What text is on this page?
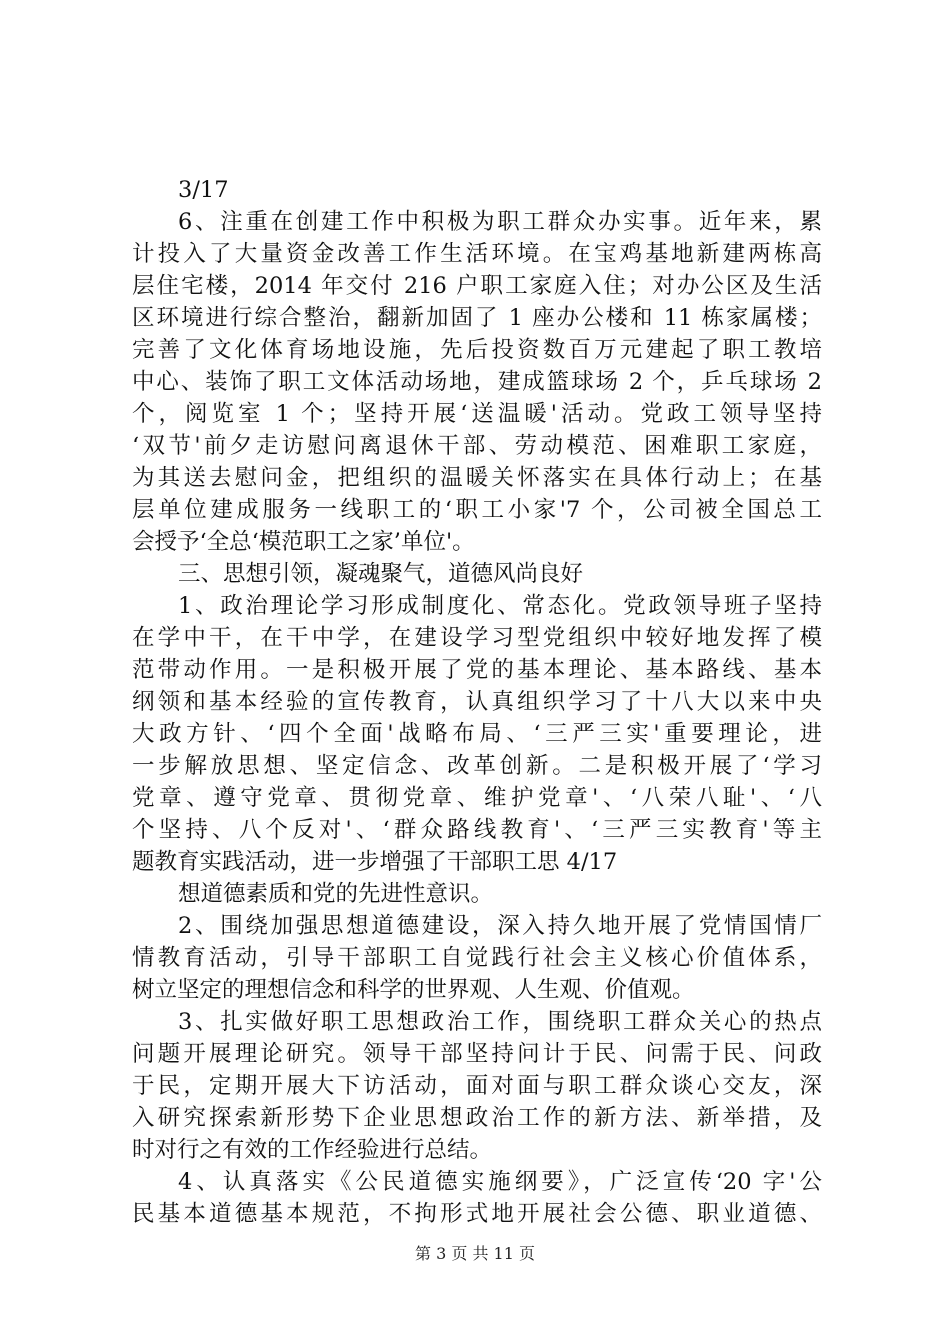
3/17
6、注重在创建工作中积极为职工群众办实事。近年来，累
计投入了大量资金改善工作生活环境。在宝鸡基地新建两栋高
层住宅楼，2014 年交付 216 户职工家庭入住；对办公区及生活
区环境进行综合整治，翻新加固了 1 座办公楼和 11 栋家属楼；
完善了文化体育场地设施，先后投资数百万元建起了职工教培
中心、装饰了职工文体活动场地，建成篮球场 2 个，乒乓球场 2
个，阅览室 1 个；坚持开展‘送温暖'活动。党政工领导坚持
‘双节'前夕走访慰问离退休干部、劳动模范、困难职工家庭，
为其送去慰问金，把组织的温暖关怀落实在具体行动上；在基
层单位建成服务一线职工的‘职工小家'7 个，公司被全国总工
会授予‘全总‘模范职工之家’单位'。
三、思想引领，凝魂聚气，道德风尚良好
1、政治理论学习形成制度化、常态化。党政领导班子坚持
在学中干，在干中学，在建设学习型党组织中较好地发挥了模
范带动作用。一是积极开展了党的基本理论、基本路线、基本
纲领和基本经验的宣传教育，认真组织学习了十八大以来中央
大政方针、‘四个全面'战略布局、‘三严三实'重要理论，进
一步解放思想、坚定信念、改革创新。二是积极开展了‘学习
党章、遵守党章、贯彻党章、维护党章'、‘八荣八耻'、‘八
个坚持、八个反对'、‘群众路线教育'、‘三严三实教育'等主
题教育实践活动，进一步增强了干部职工思 4/17
想道德素质和党的先进性意识。
2、围绕加强思想道德建设，深入持久地开展了党情国情厂
情教育活动，引导干部职工自觉践行社会主义核心价值体系，
树立坚定的理想信念和科学的世界观、人生观、价值观。
3、扎实做好职工思想政治工作，围绕职工群众关心的热点
问题开展理论研究。领导干部坚持问计于民、问需于民、问政
于民，定期开展大下访活动，面对面与职工群众谈心交友，深
入研究探索新形势下企业思想政治工作的新方法、新举措，及
时对行之有效的工作经验进行总结。
4、认真落实《公民道德实施纲要》，广泛宣传‘20 字'公
民基本道德基本规范，不拘形式地开展社会公德、职业道德、
第 3 页 共 11 页
